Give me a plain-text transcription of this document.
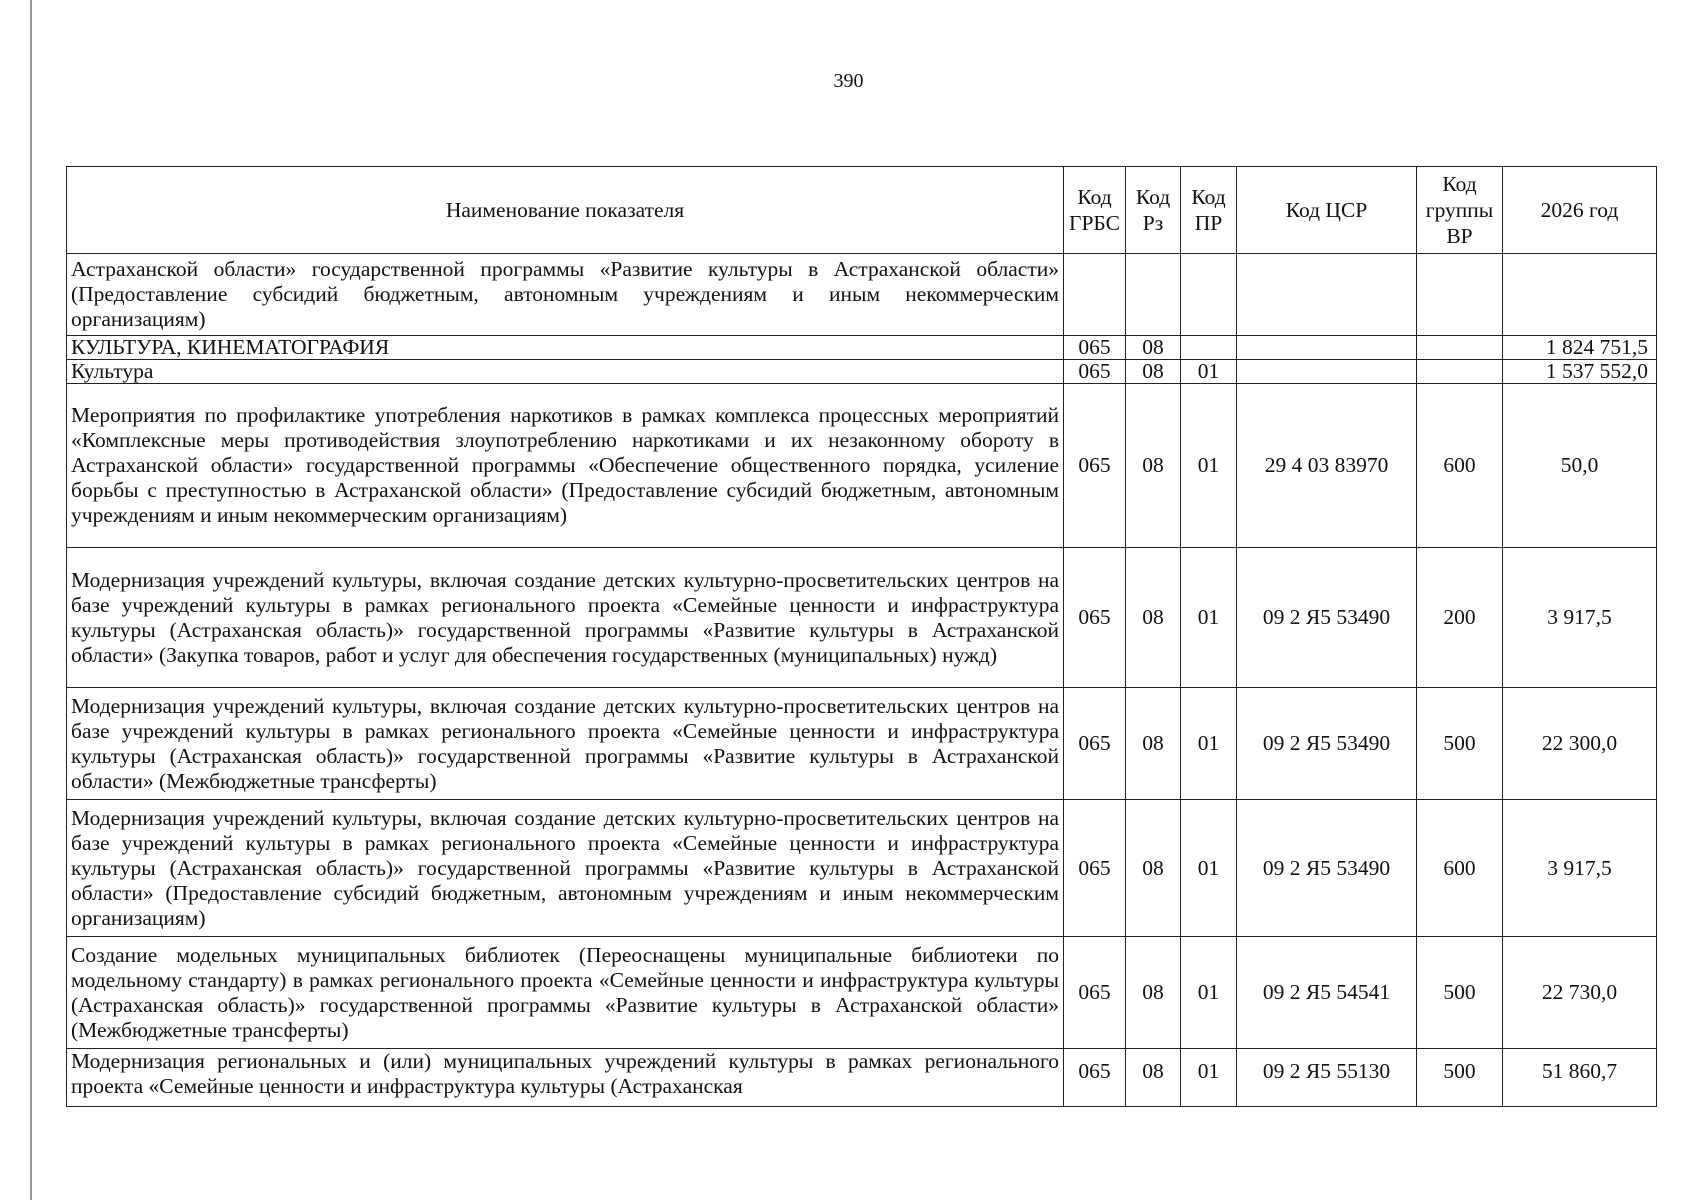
390
Наименование показателя	Код ГРБС	Код Рз	Код ПР	Код ЦСР	Код группы ВР	2026 год
Астраханской области» государственной программы «Развитие культуры в Астраханской области» (Предоставление субсидий бюджетным, автономным учреждениям и иным некоммерческим организациям)						
КУЛЬТУРА, КИНЕМАТОГРАФИЯ	065	08				1 824 751,5
Культура	065	08	01			1 537 552,0
Мероприятия по профилактике употребления наркотиков в рамках комплекса процессных мероприятий «Комплексные меры противодействия злоупотреблению наркотиками и их незаконному обороту в Астраханской области» государственной программы «Обеспечение общественного порядка, усиление борьбы с преступностью в Астраханской области» (Предоставление субсидий бюджетным, автономным учреждениям и иным некоммерческим организациям)	065	08	01	29 4 03 83970	600	50,0
Модернизация учреждений культуры, включая создание детских культурно-просветительских центров на базе учреждений культуры в рамках регионального проекта «Семейные ценности и инфраструктура культуры (Астраханская область)» государственной программы «Развитие культуры в Астраханской области» (Закупка товаров, работ и услуг для обеспечения государственных (муниципальных) нужд)	065	08	01	09 2 Я5 53490	200	3 917,5
Модернизация учреждений культуры, включая создание детских культурно-просветительских центров на базе учреждений культуры в рамках регионального проекта «Семейные ценности и инфраструктура культуры (Астраханская область)» государственной программы «Развитие культуры в Астраханской области» (Межбюджетные трансферты)	065	08	01	09 2 Я5 53490	500	22 300,0
Модернизация учреждений культуры, включая создание детских культурно-просветительских центров на базе учреждений культуры в рамках регионального проекта «Семейные ценности и инфраструктура культуры (Астраханская область)» государственной программы «Развитие культуры в Астраханской области» (Предоставление субсидий бюджетным, автономным учреждениям и иным некоммерческим организациям)	065	08	01	09 2 Я5 53490	600	3 917,5
Создание модельных муниципальных библиотек (Переоснащены муниципальные библиотеки по модельному стандарту) в рамках регионального проекта «Семейные ценности и инфраструктура культуры (Астраханская область)» государственной программы «Развитие культуры в Астраханской области» (Межбюджетные трансферты)	065	08	01	09 2 Я5 54541	500	22 730,0
Модернизация региональных и (или) муниципальных учреждений культуры в рамках регионального проекта «Семейные ценности и инфраструктура культуры (Астраханская	065	08	01	09 2 Я5 55130	500	51 860,7
